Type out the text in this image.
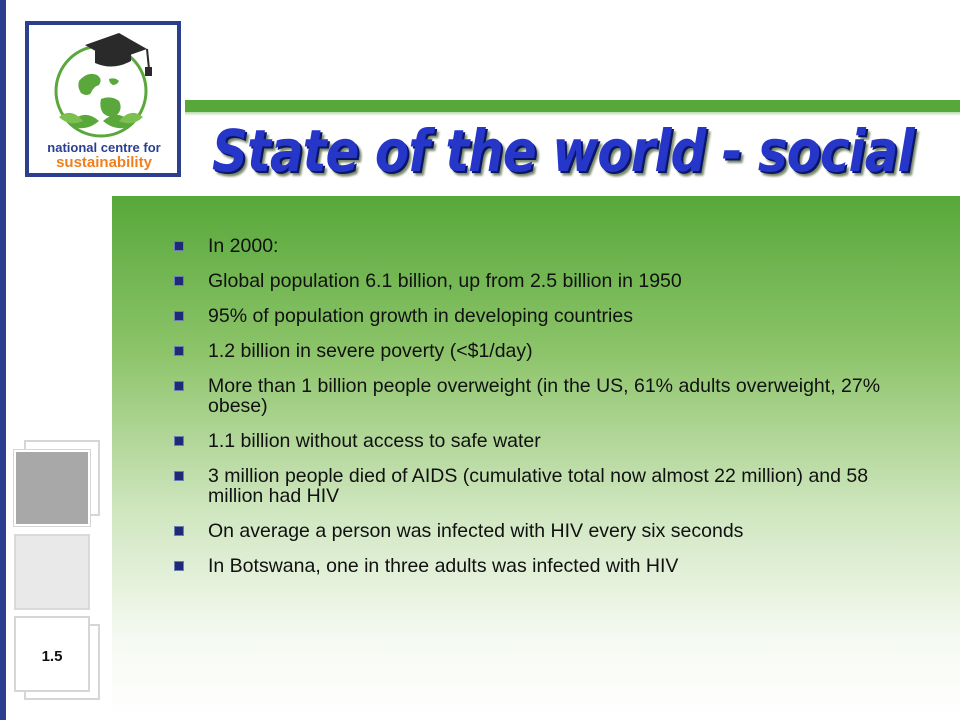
national centre for
sustainability	State of the world - social
In 2000:
Global population 6.1 billion, up from 2.5 billion in 1950
95% of population growth in developing countries
1.2 billion in severe poverty (<$1/day)
More than 1 billion people overweight (in the US, 61% adults overweight, 27% obese)
1.1 billion without access to safe water
3 million people died of AIDS (cumulative total now almost 22 million) and 58 million had HIV
On average a person was infected with HIV every six seconds
In Botswana, one in three adults was infected with HIV
1.5
